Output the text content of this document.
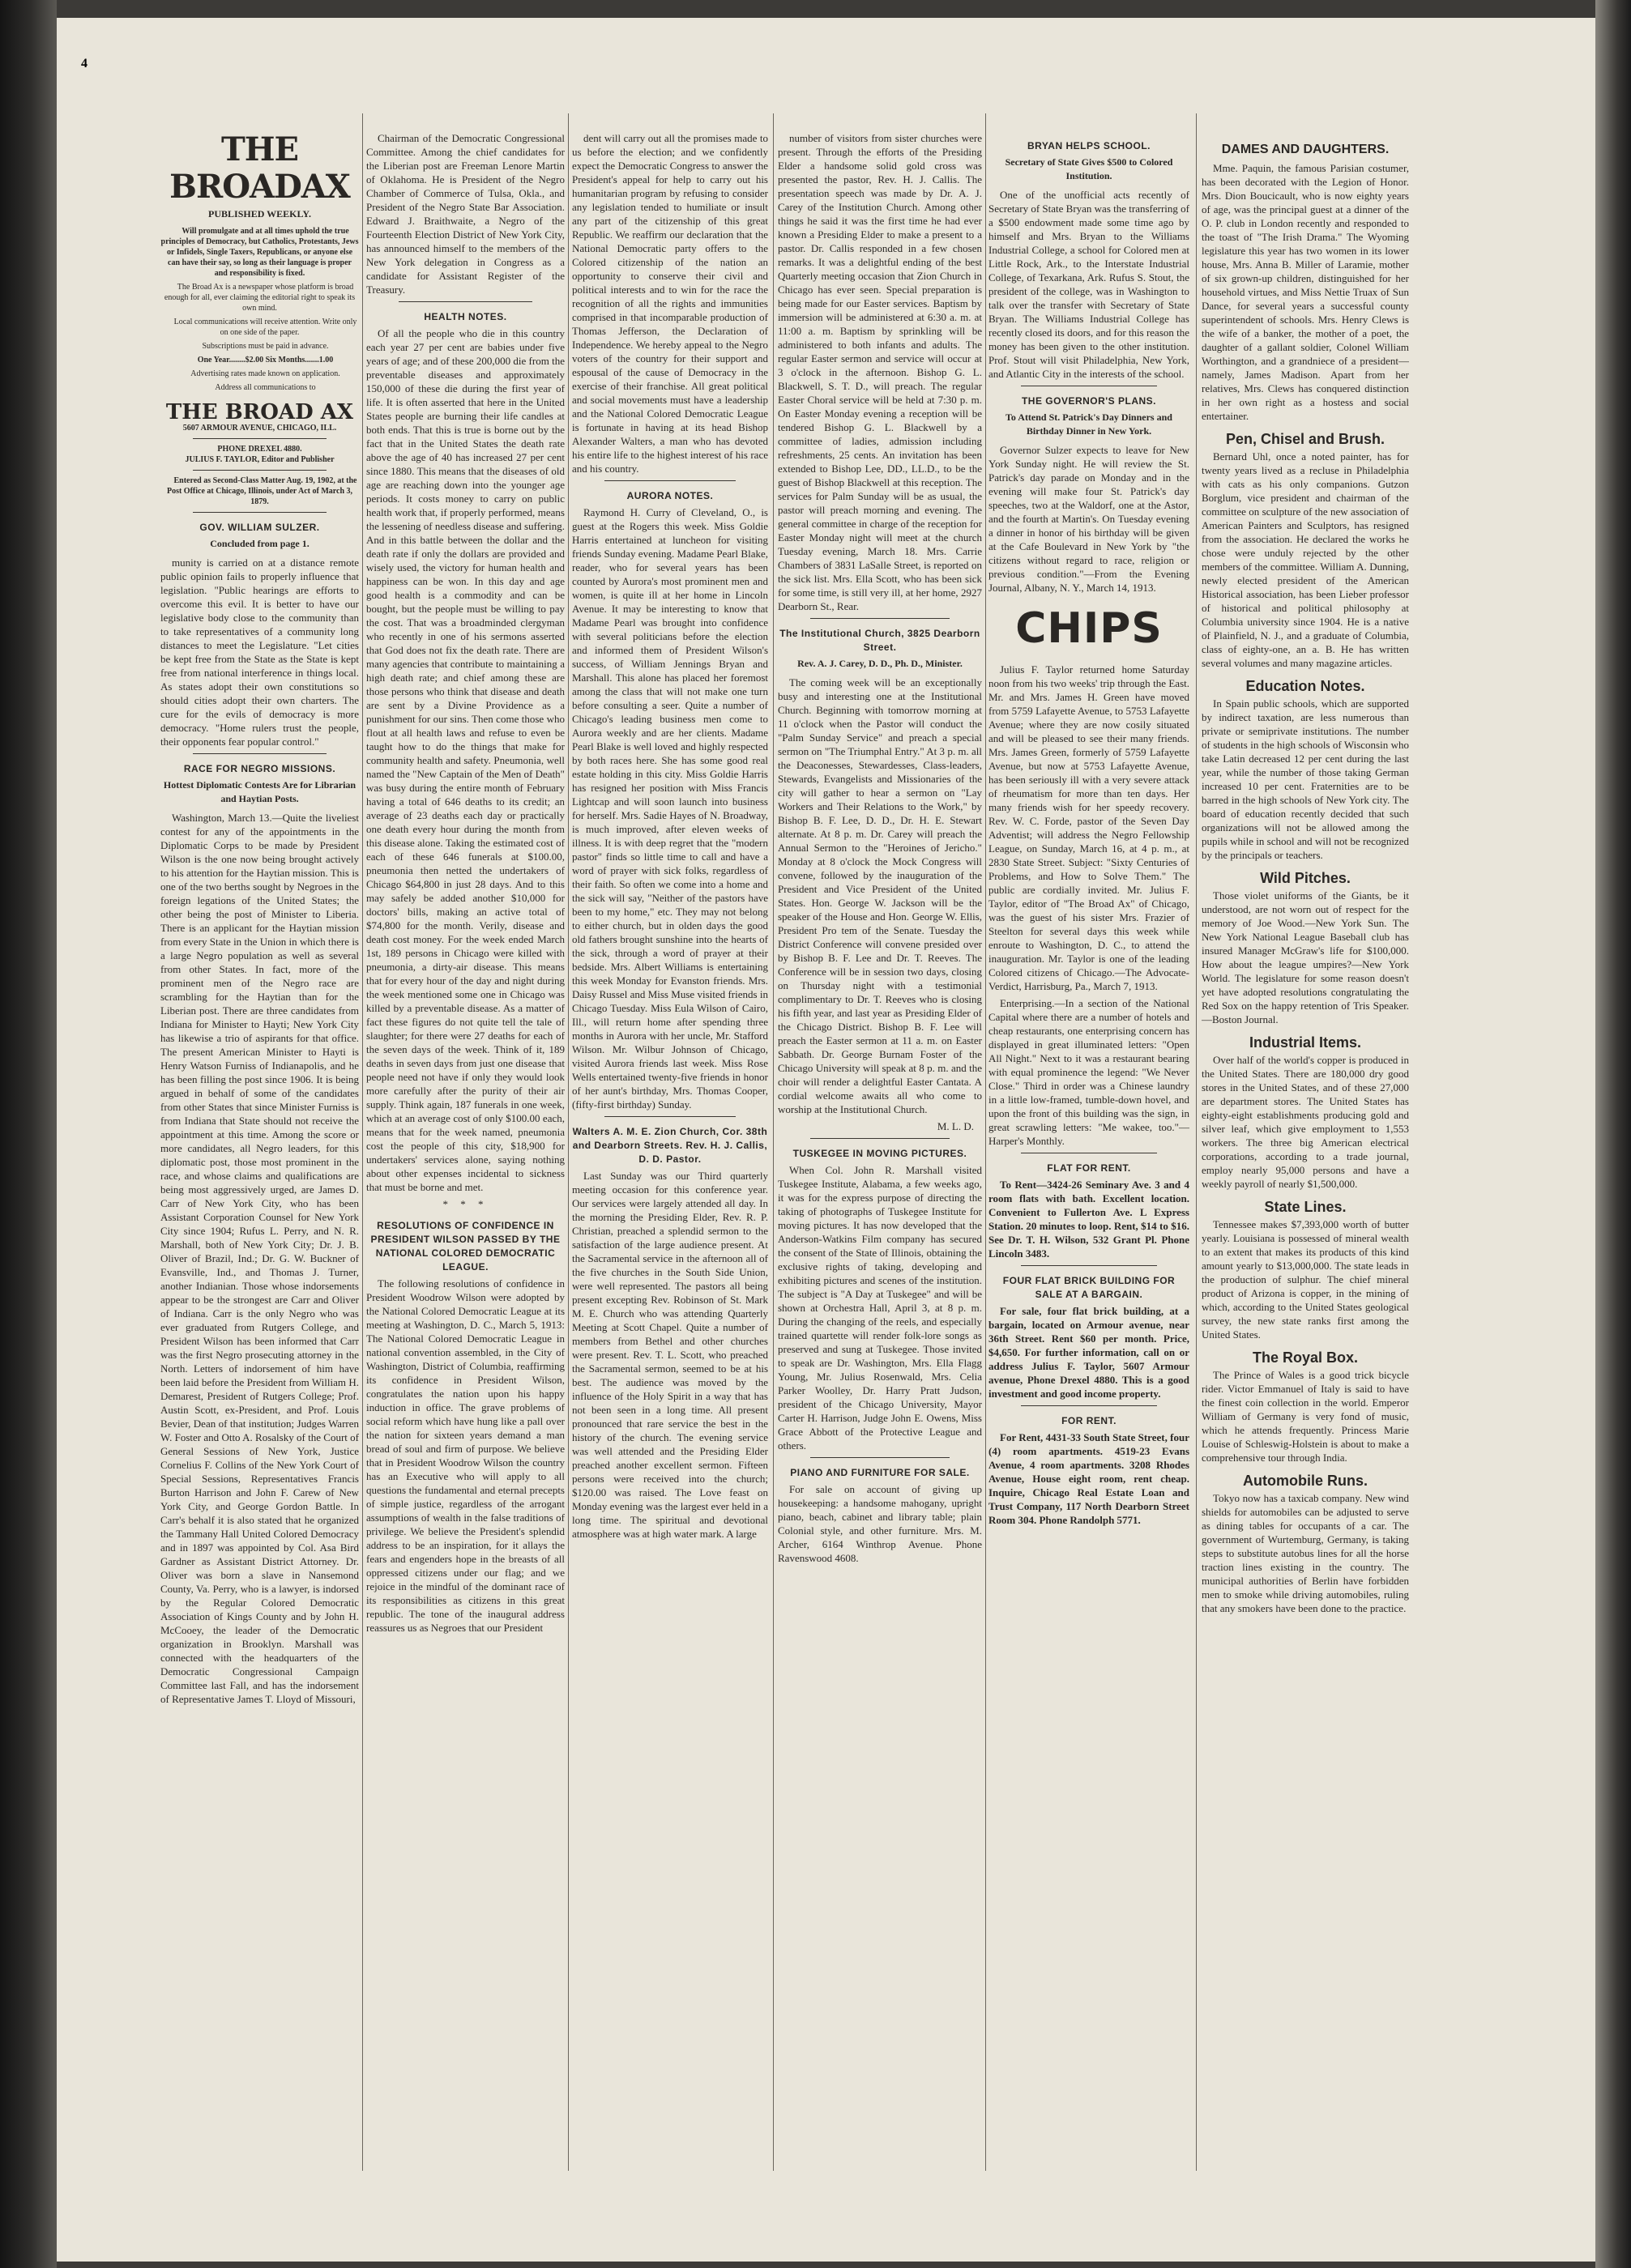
THE BROADAX
PUBLISHED WEEKLY.

Will promulgate and at all times uphold the true principles of Democracy, but Catholics, Protestants, Jews or Infidels, Single Taxers, Republicans, or anyone else can have their say, so long as their language is proper and responsibility is fixed.

The Broad Ax is a newspaper whose platform is broad enough for all, ever claiming the editorial right to speak its own mind.

Local communications will receive attention. Write only on one side of the paper.

Subscriptions must be paid in advance.

One Year........$2.00 Six Months.......1.00

Advertising rates made known on application.

Address all communications to

THE BROAD AX
5607 ARMOUR AVENUE, CHICAGO, ILL.
PHONE DREXEL 4880.
JULIUS F. TAYLOR, Editor and Publisher

Entered as Second-Class Matter Aug. 19, 1902, at the Post Office at Chicago, Illinois, under Act of March 3, 1879.

GOV. WILLIAM SULZER.
Concluded from page 1.

munity is carried on at a distance remote public opinion fails to properly influence that legislation. "Public hearings are efforts to overcome this evil. It is better to have our legislative body close to the community than to take representatives of a community long distances to meet the Legislature. "Let cities be kept free from the State as the State is kept free from national interference in things local. As states adopt their own constitutions so should cities adopt their own charters. The cure for the evils of democracy is more democracy. "Home rulers trust the people, their opponents fear popular control."

RACE FOR NEGRO MISSIONS.
Hottest Diplomatic Contests Are for Librarian and Haytian Posts.

Washington, March 13.—Quite the liveliest contest for any of the appointments in the Diplomatic Corps to be made by President Wilson is the one now being brought actively to his attention for the Haytian mission. This is one of the two berths sought by Negroes in the foreign legations of the United States; the other being the post of Minister to Liberia. There is an applicant for the Haytian mission from every State in the Union in which there is a large Negro population as well as several from other States. In fact, more of the prominent men of the Negro race are scrambling for the Haytian than for the Liberian post. There are three candidates from Indiana for Minister to Hayti; New York City has likewise a trio of aspirants for that office. The present American Minister to Hayti is Henry Watson Furniss of Indianapolis, and he has been filling the post since 1906. It is being argued in behalf of some of the candidates from other States that since Minister Furniss is from Indiana that State should not receive the appointment at this time. Among the score or more candidates, all Negro leaders, for this diplomatic post, those most prominent in the race, and whose claims and qualifications are being most aggressively urged, are James D. Carr of New York City, who has been Assistant Corporation Counsel for New York City since 1904; Rufus L. Perry, and N. R. Marshall, both of New York City; Dr. J. B. Oliver of Brazil, Ind.; Dr. G. W. Buckner of Evansville, Ind., and Thomas J. Turner, another Indianian. Those whose indorsements appear to be the strongest are Carr and Oliver of Indiana. Carr is the only Negro who was ever graduated from Rutgers College, and President Wilson has been informed that Carr was the first Negro prosecuting attorney in the North. Letters of indorsement of him have been laid before the President from William H. Demarest, President of Rutgers College; Prof. Austin Scott, ex-President, and Prof. Louis Bevier, Dean of that institution; Judges Warren W. Foster and Otto A. Rosalsky of the Court of General Sessions of New York, Justice Cornelius F. Collins of the New York Court of Special Sessions, Representatives Francis Burton Harrison and John F. Carew of New York City, and George Gordon Battle. In Carr's behalf it is also stated that he organized the Tammany Hall United Colored Democracy and in 1897 was appointed by Col. Asa Bird Gardner as Assistant District Attorney. Dr. Oliver was born a slave in Nansemond County, Va. Perry, who is a lawyer, is indorsed by the Regular Colored Democratic Association of Kings County and by John H. McCooey, the leader of the Democratic organization in Brooklyn. Marshall was connected with the headquarters of the Democratic Congressional Campaign Committee last Fall, and has the indorsement of Representative James T. Lloyd of Missouri,

Chairman of the Democratic Congressional Committee. Among the chief candidates for the Liberian post are Freeman Lenore Martin of Oklahoma. He is President of the Negro Chamber of Commerce of Tulsa, Okla., and President of the Negro State Bar Association. Edward J. Braithwaite, a Negro of the Fourteenth Election District of New York City, has announced himself to the members of the New York delegation in Congress as a candidate for Assistant Register of the Treasury.

HEALTH NOTES.

Of all the people who die in this country each year 27 per cent are babies under five years of age; and of these 200,000 die from the preventable diseases and approximately 150,000 of these die during the first year of life. It is often asserted that here in the United States people are burning their life candles at both ends. That this is true is borne out by the fact that in the United States the death rate above the age of 40 has increased 27 per cent since 1880. This means that the diseases of old age are reaching down into the younger age periods. It costs money to carry on public health work that, if properly performed, means the lessening of needless disease and suffering. And in this battle between the dollar and the death rate if only the dollars are provided and wisely used, the victory for human health and happiness can be won. In this day and age good health is a commodity and can be bought, but the people must be willing to pay the cost. That was a broadminded clergyman who recently in one of his sermons asserted that God does not fix the death rate. There are many agencies that contribute to maintaining a high death rate; and chief among these are those persons who think that disease and death are sent by a Divine Providence as a punishment for our sins. Then come those who flout at all health laws and refuse to even be taught how to do the things that make for community health and safety. Pneumonia, well named the "New Captain of the Men of Death" was busy during the entire month of February having a total of 646 deaths to its credit; an average of 23 deaths each day or practically one death every hour during the month from this disease alone. Taking the estimated cost of each of these 646 funerals at $100.00, pneumonia then netted the undertakers of Chicago $64,800 in just 28 days. And to this may safely be added another $10,000 for doctors' bills, making an active total of $74,800 for the month. Verily, disease and death cost money. For the week ended March 1st, 189 persons in Chicago were killed with pneumonia, a dirty-air disease. This means that for every hour of the day and night during the week mentioned some one in Chicago was killed by a preventable disease. As a matter of fact these figures do not quite tell the tale of slaughter; for there were 27 deaths for each of the seven days of the week. Think of it, 189 deaths in seven days from just one disease that people need not have if only they would look more carefully after the purity of their air supply. Think again, 187 funerals in one week, which at an average cost of only $100.00 each, means that for the week named, pneumonia cost the people of this city, $18,900 for undertakers' services alone, saying nothing about other expenses incidental to sickness that must be borne and met.

* * *
RESOLUTIONS OF CONFIDENCE IN PRESIDENT WILSON PASSED BY THE NATIONAL COLORED DEMOCRATIC LEAGUE.

The following resolutions of confidence in President Woodrow Wilson were adopted by the National Colored Democratic League at its meeting at Washington, D. C., March 5, 1913: The National Colored Democratic League in national convention assembled, in the City of Washington, District of Columbia, reaffirming its confidence in President Wilson, congratulates the nation upon his happy induction in office. The grave problems of social reform which have hung like a pall over the nation for sixteen years demand a man bread of soul and firm of purpose. We believe that in President Woodrow Wilson the country has an Executive who will apply to all questions the fundamental and eternal precepts of simple justice, regardless of the arrogant assumptions of wealth in the false traditions of privilege. We believe the President's splendid address to be an inspiration, for it allays the fears and engenders hope in the breasts of all oppressed citizens under our flag; and we rejoice in the mindful of the dominant race of its responsibilities as citizens in this great republic. The tone of the inaugural address reassures us as Negroes that our President

dent will carry out all the promises made to us before the election; and we confidently expect the Democratic Congress to answer the President's appeal for help to carry out his humanitarian program by refusing to consider any legislation tended to humiliate or insult any part of the citizenship of this great Republic. We reaffirm our declaration that the National Democratic party offers to the Colored citizenship of the nation an opportunity to conserve their civil and political interests and to win for the race the recognition of all the rights and immunities comprised in that incomparable production of Thomas Jefferson, the Declaration of Independence. We hereby appeal to the Negro voters of the country for their support and espousal of the cause of Democracy in the exercise of their franchise. All great political and social movements must have a leadership and the National Colored Democratic League is fortunate in having at its head Bishop Alexander Walters, a man who has devoted his entire life to the highest interest of his race and his country.

AURORA NOTES.

Raymond H. Curry of Cleveland, O., is guest at the Rogers this week. Miss Goldie Harris entertained at luncheon for visiting friends Sunday evening. Madame Pearl Blake, reader, who for several years has been counted by Aurora's most prominent men and women, is quite ill at her home in Lincoln Avenue. It may be interesting to know that Madame Pearl was brought into confidence with several politicians before the election and informed them of President Wilson's success, of William Jennings Bryan and Marshall. This alone has placed her foremost among the class that will not make one turn before consulting a seer. Quite a number of Chicago's leading business men come to Aurora weekly and are her clients. Madame Pearl Blake is well loved and highly respected by both races here. She has some good real estate holding in this city. Miss Goldie Harris has resigned her position with Miss Francis Lightcap and will soon launch into business for herself. Mrs. Sadie Hayes of N. Broadway, is much improved, after eleven weeks of illness. It is with deep regret that the "modern pastor" finds so little time to call and have a word of prayer with sick folks, regardless of their faith. So often we come into a home and the sick will say, "Neither of the pastors have been to my home," etc. They may not belong to either church, but in olden days the good old fathers brought sunshine into the hearts of the sick, through a word of prayer at their bedside. Mrs. Albert Williams is entertaining this week Monday for Evanston friends. Mrs. Daisy Russel and Miss Muse visited friends in Chicago Tuesday. Miss Eula Wilson of Cairo, Ill., will return home after spending three months in Aurora with her uncle, Mr. Stafford Wilson. Mr. Wilbur Johnson of Chicago, visited Aurora friends last week. Miss Rose Wells entertained twenty-five friends in honor of her aunt's birthday, Mrs. Thomas Cooper, (fifty-first birthday) Sunday.

Walters A. M. E. Zion Church, Cor. 38th and Dearborn Streets. Rev. H. J. Callis, D. D. Pastor.

Last Sunday was our Third quarterly meeting occasion for this conference year. Our services were largely attended all day. In the morning the Presiding Elder, Rev. R. P. Christian, preached a splendid sermon to the satisfaction of the large audience present. At the Sacramental service in the afternoon all of the five churches in the South Side Union, were well represented. The pastors all being present excepting Rev. Robinson of St. Mark M. E. Church who was attending Quarterly Meeting at Scott Chapel. Quite a number of members from Bethel and other churches were present. Rev. T. L. Scott, who preached the Sacramental sermon, seemed to be at his best. The audience was moved by the influence of the Holy Spirit in a way that has not been seen in a long time. All present pronounced that rare service the best in the history of the church. The evening service was well attended and the Presiding Elder preached another excellent sermon. Fifteen persons were received into the church; $120.00 was raised. The Love feast on Monday evening was the largest ever held in a long time. The spiritual and devotional atmosphere was at high water mark. A large

number of visitors from sister churches were present. Through the efforts of the Presiding Elder a handsome solid gold cross was presented the pastor, Rev. H. J. Callis. The presentation speech was made by Dr. A. J. Carey of the Institution Church. Among other things he said it was the first time he had ever known a Presiding Elder to make a present to a pastor. Dr. Callis responded in a few chosen remarks. It was a delightful ending of the best Quarterly meeting occasion that Zion Church in Chicago has ever seen. Special preparation is being made for our Easter services. Baptism by immersion will be administered at 6:30 a. m. at 11:00 a. m. Baptism by sprinkling will be administered to both infants and adults. The regular Easter sermon and service will occur at 3 o'clock in the afternoon. Bishop G. L. Blackwell, S. T. D., will preach. The regular Easter Choral service will be held at 7:30 p. m. On Easter Monday evening a reception will be tendered Bishop G. L. Blackwell by a committee of ladies, admission including refreshments, 25 cents. An invitation has been extended to Bishop Lee, DD., LL.D., to be the guest of Bishop Blackwell at this reception. The services for Palm Sunday will be as usual, the pastor will preach morning and evening. The general committee in charge of the reception for Easter Monday night will meet at the church Tuesday evening, March 18. Mrs. Carrie Chambers of 3831 LaSalle Street, is reported on the sick list. Mrs. Ella Scott, who has been sick for some time, is still very ill, at her home, 2927 Dearborn St., Rear.

The Institutional Church, 3825 Dearborn Street.
Rev. A. J. Carey, D. D., Ph. D., Minister.

The coming week will be an exceptionally busy and interesting one at the Institutional Church. Beginning with tomorrow morning at 11 o'clock when the Pastor will conduct the "Palm Sunday Service" and preach a special sermon on "The Triumphal Entry." At 3 p. m. all the Deaconesses, Stewardesses, Class-leaders, Stewards, Evangelists and Missionaries of the city will gather to hear a sermon on "Lay Workers and Their Relations to the Work," by Bishop B. F. Lee, D. D., Dr. H. E. Stewart alternate. At 8 p. m. Dr. Carey will preach the Annual Sermon to the "Heroines of Jericho." Monday at 8 o'clock the Mock Congress will convene, followed by the inauguration of the President and Vice President of the United States. Hon. George W. Jackson will be the speaker of the House and Hon. George W. Ellis, President Pro tem of the Senate. Tuesday the District Conference will convene presided over by Bishop B. F. Lee and Dr. T. Reeves. The Conference will be in session two days, closing on Thursday night with a testimonial complimentary to Dr. T. Reeves who is closing his fifth year, and last year as Presiding Elder of the Chicago District. Bishop B. F. Lee will preach the Easter sermon at 11 a. m. on Easter Sabbath. Dr. George Burnam Foster of the Chicago University will speak at 8 p. m. and the choir will render a delightful Easter Cantata. A cordial welcome awaits all who come to worship at the Institutional Church.

M. L. D.
TUSKEGEE IN MOVING PICTURES.

When Col. John R. Marshall visited Tuskegee Institute, Alabama, a few weeks ago, it was for the express purpose of directing the taking of photographs of Tuskegee Institute for moving pictures. It has now developed that the Anderson-Watkins Film company has secured the consent of the State of Illinois, obtaining the exclusive rights of taking, developing and exhibiting pictures and scenes of the institution. The subject is "A Day at Tuskegee" and will be shown at Orchestra Hall, April 3, at 8 p. m. During the changing of the reels, and especially trained quartette will render folk-lore songs as preserved and sung at Tuskegee. Those invited to speak are Dr. Washington, Mrs. Ella Flagg Young, Mr. Julius Rosenwald, Mrs. Celia Parker Woolley, Dr. Harry Pratt Judson, president of the Chicago University, Mayor Carter H. Harrison, Judge John E. Owens, Miss Grace Abbott of the Protective League and others.

PIANO AND FURNITURE FOR SALE.

For sale on account of giving up housekeeping: a handsome mahogany, upright piano, beach, cabinet and library table; plain Colonial style, and other furniture. Mrs. M. Archer, 6164 Winthrop Avenue. Phone Ravenswood 4608.

BRYAN HELPS SCHOOL.
Secretary of State Gives $500 to Colored Institution.

One of the unofficial acts recently of Secretary of State Bryan was the transferring of a $500 endowment made some time ago by himself and Mrs. Bryan to the Williams Industrial College, a school for Colored men at Little Rock, Ark., to the Interstate Industrial College, of Texarkana, Ark. Rufus S. Stout, the president of the college, was in Washington to talk over the transfer with Secretary of State Bryan. The Williams Industrial College has recently closed its doors, and for this reason the money has been given to the other institution. Prof. Stout will visit Philadelphia, New York, and Atlantic City in the interests of the school.

THE GOVERNOR'S PLANS.
To Attend St. Patrick's Day Dinners and Birthday Dinner in New York.

Governor Sulzer expects to leave for New York Sunday night. He will review the St. Patrick's day parade on Monday and in the evening will make four St. Patrick's day speeches, two at the Waldorf, one at the Astor, and the fourth at Martin's. On Tuesday evening a dinner in honor of his birthday will be given at the Cafe Boulevard in New York by "the citizens without regard to race, religion or previous condition."—From the Evening Journal, Albany, N. Y., March 14, 1913.

CHIPS

Julius F. Taylor returned home Saturday noon from his two weeks' trip through the East. Mr. and Mrs. James H. Green have moved from 5759 Lafayette Avenue, to 5753 Lafayette Avenue; where they are now cosily situated and will be pleased to see their many friends. Mrs. James Green, formerly of 5759 Lafayette Avenue, but now at 5753 Lafayette Avenue, has been seriously ill with a very severe attack of rheumatism for more than ten days. Her many friends wish for her speedy recovery. Rev. W. C. Forde, pastor of the Seven Day Adventist; will address the Negro Fellowship League, on Sunday, March 16, at 4 p. m., at 2830 State Street. Subject: "Sixty Centuries of Problems, and How to Solve Them." The public are cordially invited. Mr. Julius F. Taylor, editor of "The Broad Ax" of Chicago, was the guest of his sister Mrs. Frazier of Steelton for several days this week while enroute to Washington, D. C., to attend the inauguration. Mr. Taylor is one of the leading Colored citizens of Chicago.—The Advocate-Verdict, Harrisburg, Pa., March 7, 1913.

Enterprising.—In a section of the National Capital where there are a number of hotels and cheap restaurants, one enterprising concern has displayed in great illuminated letters: "Open All Night." Next to it was a restaurant bearing with equal prominence the legend: "We Never Close." Third in order was a Chinese laundry in a little low-framed, tumble-down hovel, and upon the front of this building was the sign, in great scrawling letters: "Me wakee, too."—Harper's Monthly.

FLAT FOR RENT.

To Rent—3424-26 Seminary Ave. 3 and 4 room flats with bath. Excellent location. Convenient to Fullerton Ave. L Express Station. 20 minutes to loop. Rent, $14 to $16. See Dr. T. H. Wilson, 532 Grant Pl. Phone Lincoln 3483.

FOUR FLAT BRICK BUILDING FOR SALE AT A BARGAIN.

For sale, four flat brick building, at a bargain, located on Armour avenue, near 36th Street. Rent $60 per month. Price, $4,650. For further information, call on or address Julius F. Taylor, 5607 Armour avenue, Phone Drexel 4880. This is a good investment and good income property.

FOR RENT.

For Rent, 4431-33 South State Street, four (4) room apartments. 4519-23 Evans Avenue, 4 room apartments. 3208 Rhodes Avenue, House eight room, rent cheap. Inquire, Chicago Real Estate Loan and Trust Company, 117 North Dearborn Street Room 304. Phone Randolph 5771.

DAMES AND DAUGHTERS.

Mme. Paquin, the famous Parisian costumer, has been decorated with the Legion of Honor. Mrs. Dion Boucicault, who is now eighty years of age, was the principal guest at a dinner of the O. P. club in London recently and responded to the toast of "The Irish Drama." The Wyoming legislature this year has two women in its lower house, Mrs. Anna B. Miller of Laramie, mother of six grown-up children, distinguished for her household virtues, and Miss Nettie Truax of Sun Dance, for several years a successful county superintendent of schools. Mrs. Henry Clews is the wife of a banker, the mother of a poet, the daughter of a gallant soldier, Colonel William Worthington, and a grandniece of a president—namely, James Madison. Apart from her relatives, Mrs. Clews has conquered distinction in her own right as a hostess and social entertainer.

Pen, Chisel and Brush.

Bernard Uhl, once a noted painter, has for twenty years lived as a recluse in Philadelphia with cats as his only companions. Gutzon Borglum, vice president and chairman of the committee on sculpture of the new association of American Painters and Sculptors, has resigned from the association. He declared the works he chose were unduly rejected by the other members of the committee. William A. Dunning, newly elected president of the American Historical association, has been Lieber professor of historical and political philosophy at Columbia university since 1904. He is a native of Plainfield, N. J., and a graduate of Columbia, class of eighty-one, an a. B. He has written several volumes and many magazine articles.

Education Notes.

In Spain public schools, which are supported by indirect taxation, are less numerous than private or semiprivate institutions. The number of students in the high schools of Wisconsin who take Latin decreased 12 per cent during the last year, while the number of those taking German increased 10 per cent. Fraternities are to be barred in the high schools of New York city. The board of education recently decided that such organizations will not be allowed among the pupils while in school and will not be recognized by the principals or teachers.

Wild Pitches.

Those violet uniforms of the Giants, be it understood, are not worn out of respect for the memory of Joe Wood.—New York Sun. The New York National League Baseball club has insured Manager McGraw's life for $100,000. How about the league umpires?—New York World. The legislature for some reason doesn't yet have adopted resolutions congratulating the Red Sox on the happy retention of Tris Speaker.—Boston Journal.

Industrial Items.

Over half of the world's copper is produced in the United States. There are 180,000 dry good stores in the United States, and of these 27,000 are department stores. The United States has eighty-eight establishments producing gold and silver leaf, which give employment to 1,553 workers. The three big American electrical corporations, according to a trade journal, employ nearly 95,000 persons and have a weekly payroll of nearly $1,500,000.

State Lines.

Tennessee makes $7,393,000 worth of butter yearly. Louisiana is possessed of mineral wealth to an extent that makes its products of this kind amount yearly to $13,000,000. The state leads in the production of sulphur. The chief mineral product of Arizona is copper, in the mining of which, according to the United States geological survey, the new state ranks first among the United States.

The Royal Box.

The Prince of Wales is a good trick bicycle rider. Victor Emmanuel of Italy is said to have the finest coin collection in the world. Emperor William of Germany is very fond of music, which he attends frequently. Princess Marie Louise of Schleswig-Holstein is about to make a comprehensive tour through India.

Automobile Runs.

Tokyo now has a taxicab company. New wind shields for automobiles can be adjusted to serve as dining tables for occupants of a car. The government of Wurtemburg, Germany, is taking steps to substitute autobus lines for all the horse traction lines existing in the country. The municipal authorities of Berlin have forbidden men to smoke while driving automobiles, ruling that any smokers have been done to the practice.

4
